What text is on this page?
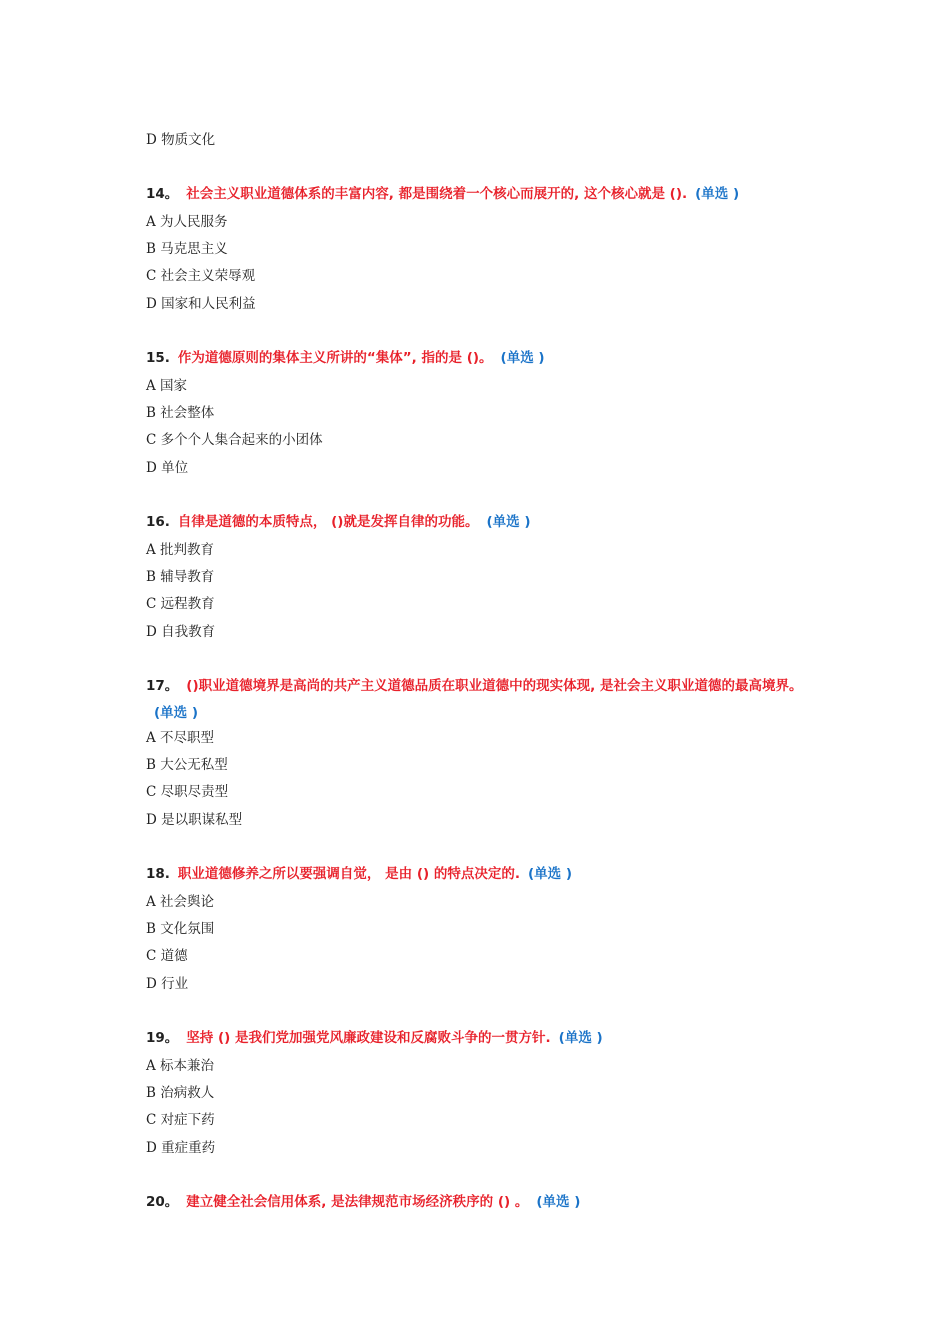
D 物质文化
14。 社会主义职业道德体系的丰富内容, 都是围绕着一个核心而展开的, 这个核心就是 (). (单选 )
A 为人民服务
B 马克思主义
C 社会主义荣辱观
D 国家和人民利益
15. 作为道德原则的集体主义所讲的“集体”, 指的是 ()。 (单选 )
A 国家
B 社会整体
C 多个个人集合起来的小团体
D 单位
16. 自律是道德的本质特点， ()就是发挥自律的功能。 (单选 )
A 批判教育
B 辅导教育
C 远程教育
D 自我教育
17。 ()职业道德境界是高尚的共产主义道德品质在职业道德中的现实体现, 是社会主义职业道德的最高境界。(单选 )
A 不尽职型
B 大公无私型
C 尽职尽责型
D 是以职谋私型
18. 职业道德修养之所以要强调自觉， 是由 () 的特点决定的. (单选 )
A 社会舆论
B 文化氛围
C 道德
D 行业
19。 坚持 () 是我们党加强党风廉政建设和反腐败斗争的一贯方针. (单选 )
A 标本兼治
B 治病救人
C 对症下药
D 重症重药
20。 建立健全社会信用体系, 是法律规范市场经济秩序的 () 。 (单选 )
